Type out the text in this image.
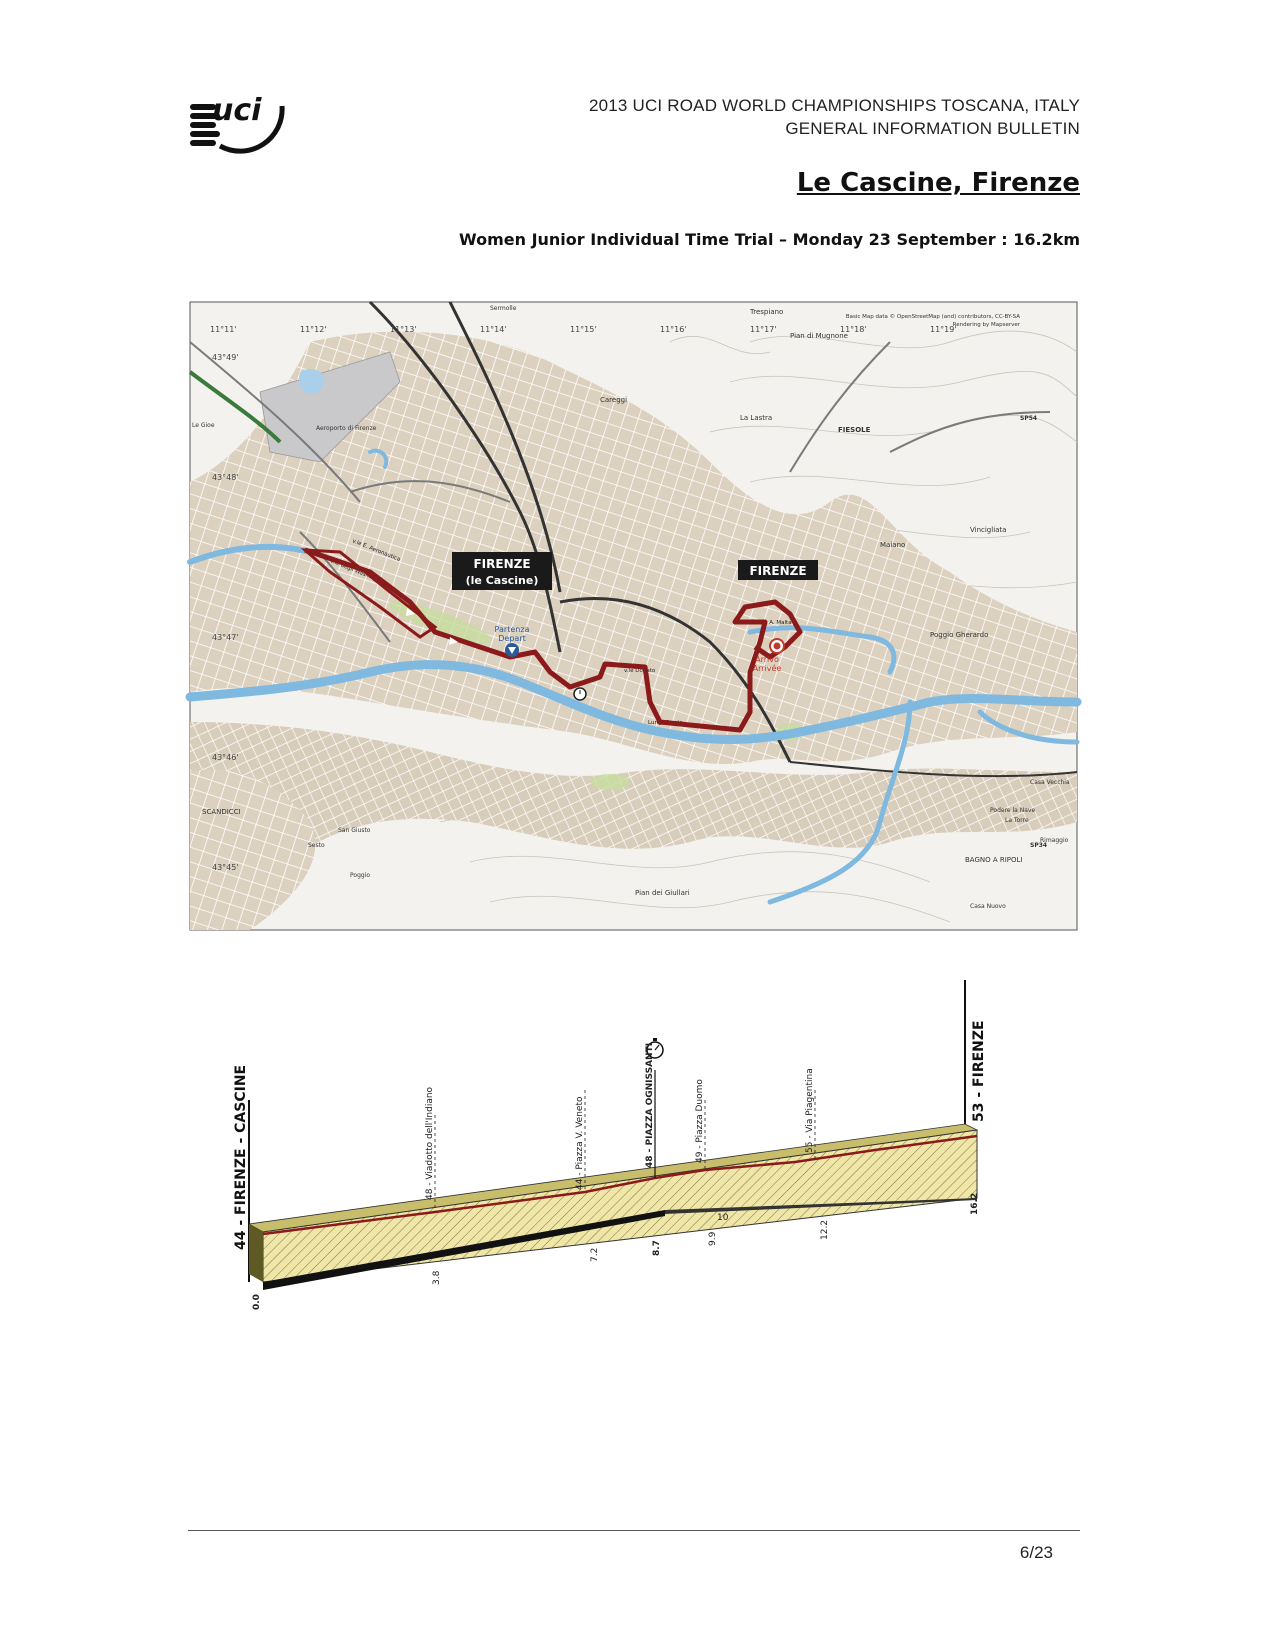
uci	2013 UCI ROAD WORLD CHAMPIONSHIPS TOSCANA, ITALY
GENERAL INFORMATION BULLETIN
Le Cascine, Firenze
Women Junior Individual Time Trial – Monday 23 September : 16.2km
11°11'	11°12'	11°13'	11°14'	11°15'	11°16'	11°17'	11°18'	11°19'
43°49'
43°48'
43°47'
43°46'
43°45'
Basic Map data © OpenStreetMap (and) contributors, CC-BY-SA
Rendering by Mapserver
Trespiano
Pian di Mugnone
Careggi
La Lastra
FIESOLE
Aeroporto di Firenze
Maiano
Vincigliata
Poggio Gherardo
Casa Vecchia
Podere la Nave
La Torre
Rimaggio
BAGNO A RIPOLI
SCANDICCI
Pian dei Giullari
Casa Nuovo
Sesto
SP54
SP34
Sermolle
Le Gioe
San Giusto
Poggio
v.le E. Aeronautica
v.le degli Washington
Lung. Grazie
v.le Donato
v.le A. Malta
FIRENZE
(le Cascine)
FIRENZE
Partenza
Depart
Arrivo
Arrivée
44 - FIRENZE - CASCINE	53 - FIRENZE
48 - Viadotto dell'Indiano	44 - Piazza V. Veneto	48 - PIAZZA OGNISSANTI	49 - Piazza Duomo	55 - Via Piagentina
0.0
3.8
7.2	8.7
9.9
10
12.2
16.2
6/23
